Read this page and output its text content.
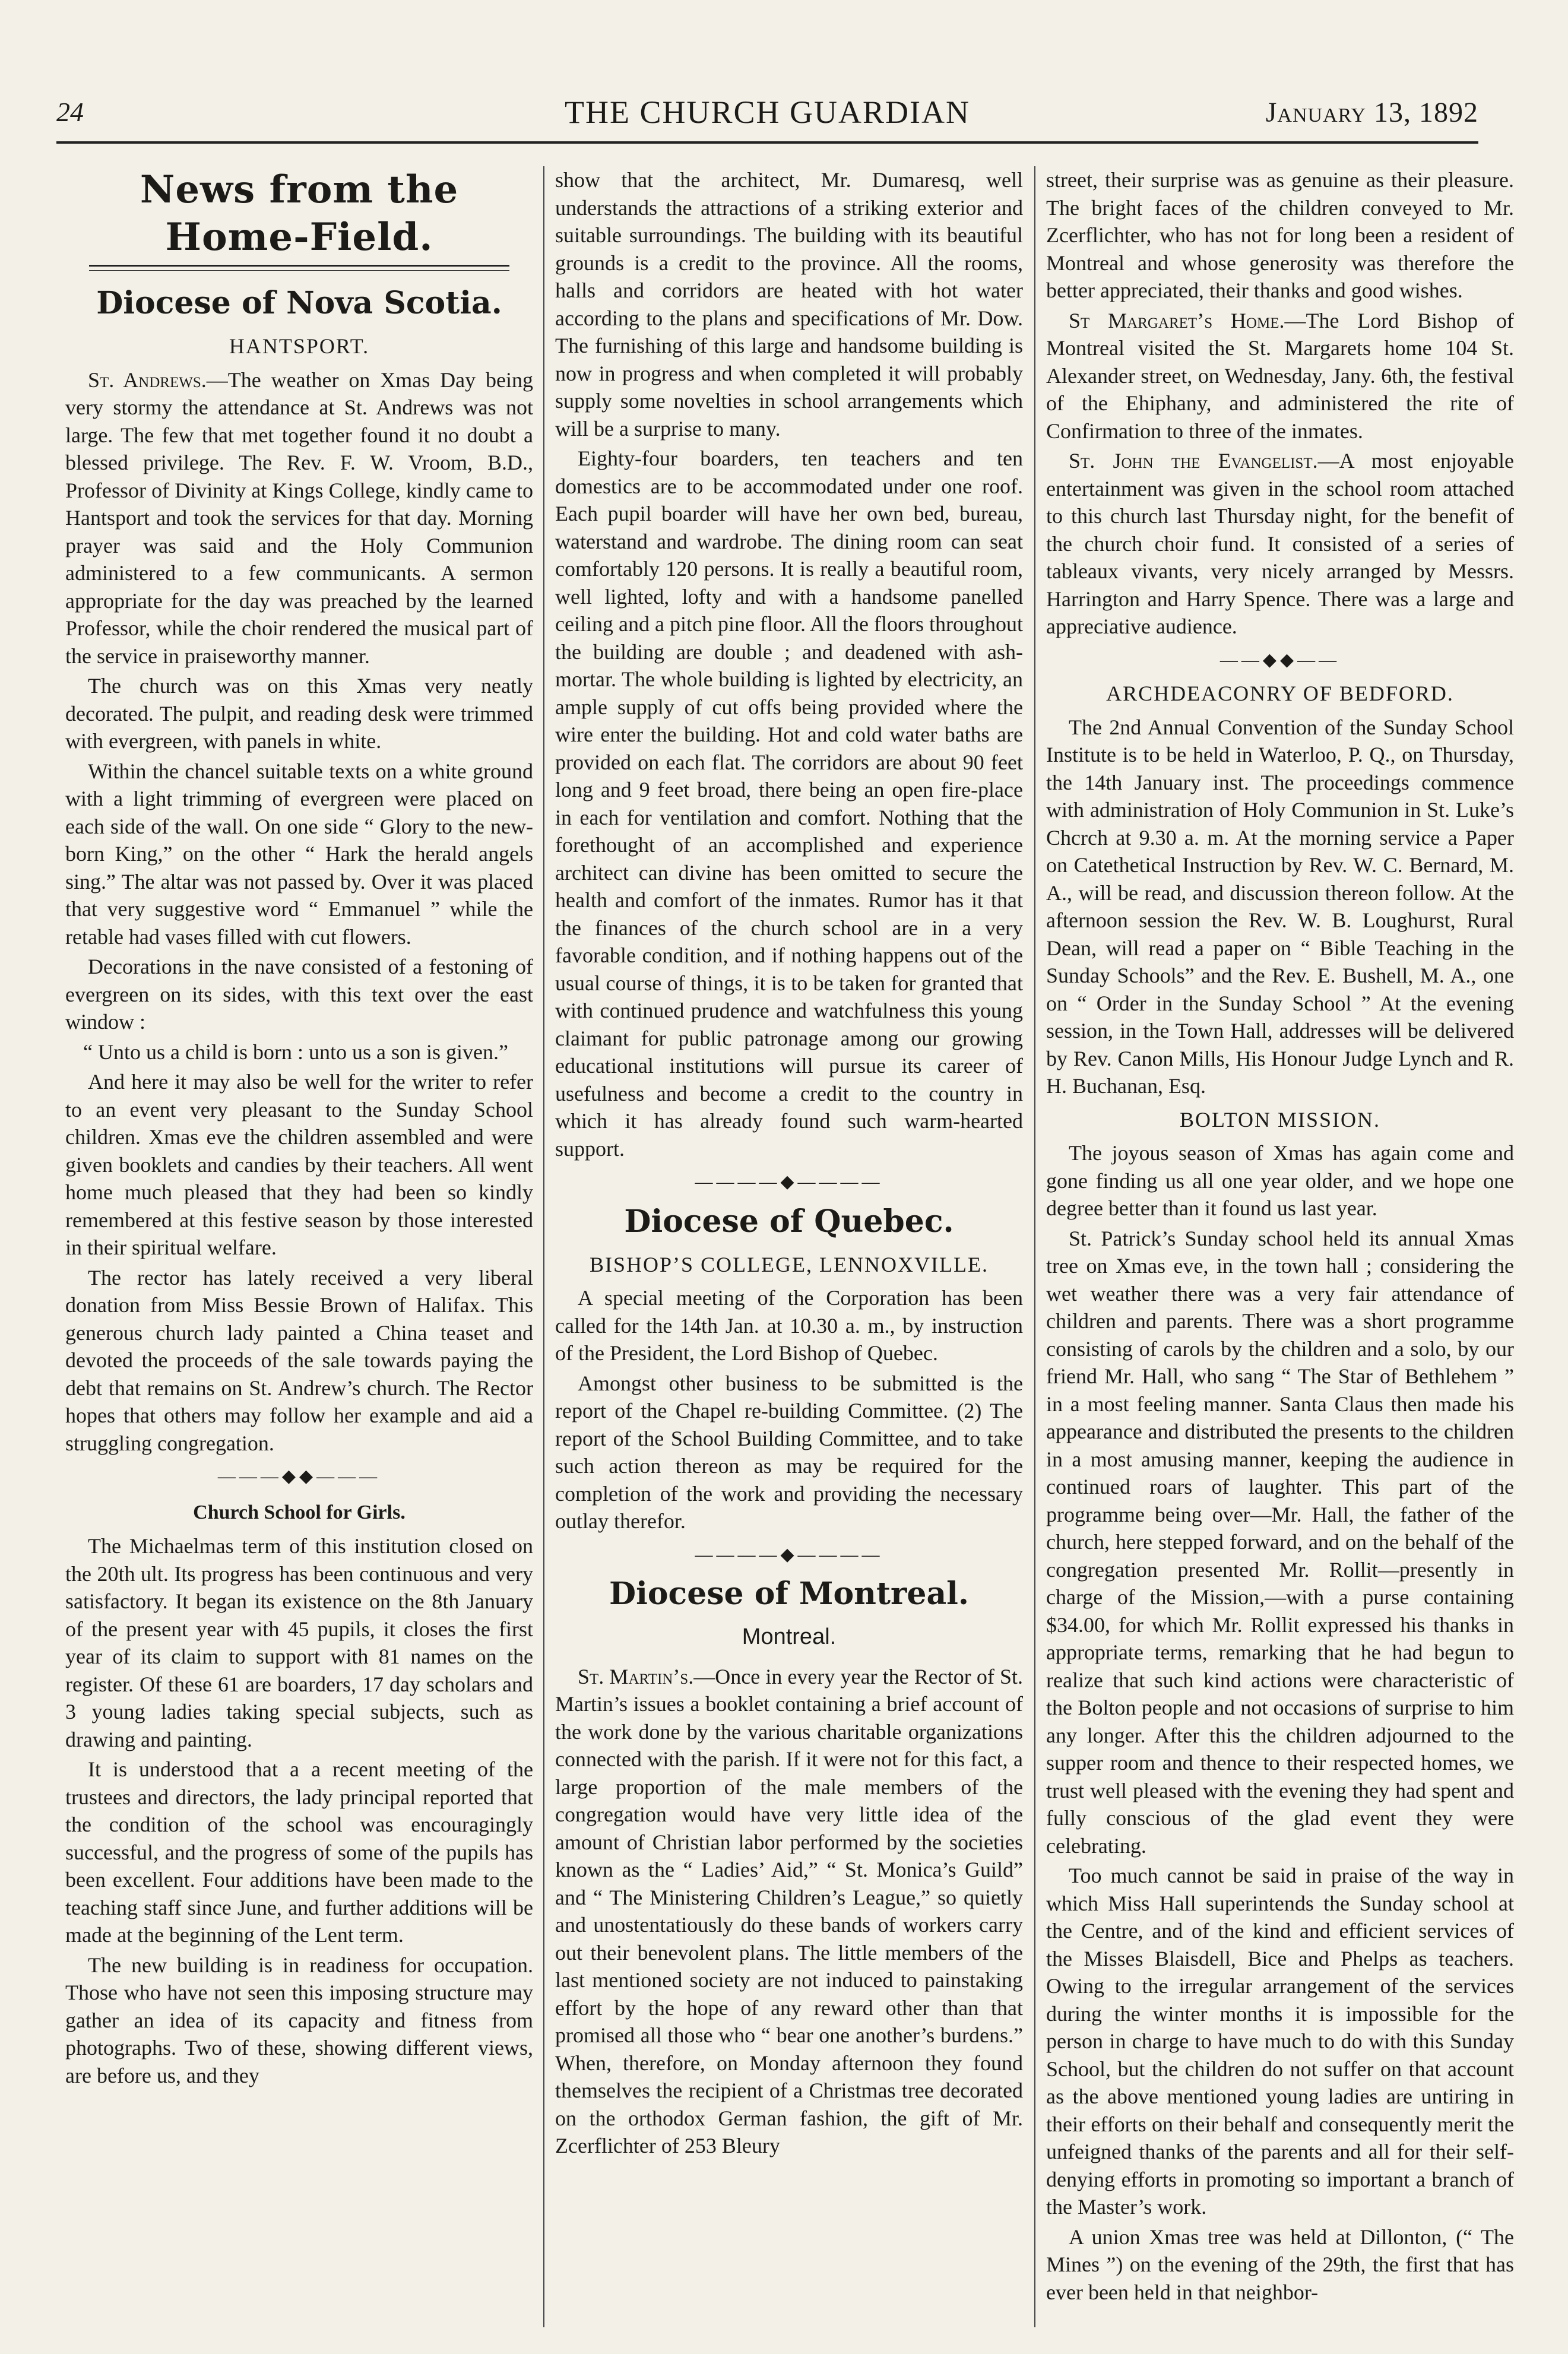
24	THE CHURCH GUARDIAN	January 13, 1892
News from the Home-Field.
Diocese of Nova Scotia.
HANTSPORT.

St. Andrews.—The weather on Xmas Day being very stormy the attendance at St. Andrews was not large. The few that met together found it no doubt a blessed privilege. The Rev. F. W. Vroom, B.D., Professor of Divinity at Kings College, kindly came to Hantsport and took the services for that day. Morning prayer was said and the Holy Communion administered to a few communicants. A sermon appropriate for the day was preached by the learned Professor, while the choir rendered the musical part of the service in praiseworthy manner.

The church was on this Xmas very neatly decorated. The pulpit, and reading desk were trimmed with evergreen, with panels in white.

Within the chancel suitable texts on a white ground with a light trimming of evergreen were placed on each side of the wall. On one side “ Glory to the new-born King,” on the other “ Hark the herald angels sing.” The altar was not passed by. Over it was placed that very suggestive word “ Emmanuel ” while the retable had vases filled with cut flowers.

Decorations in the nave consisted of a festoning of evergreen on its sides, with this text over the east window :

“ Unto us a child is born : unto us a son is given.”

And here it may also be well for the writer to refer to an event very pleasant to the Sunday School children. Xmas eve the children assembled and were given booklets and candies by their teachers. All went home much pleased that they had been so kindly remembered at this festive season by those interested in their spiritual welfare.

The rector has lately received a very liberal donation from Miss Bessie Brown of Halifax. This generous church lady painted a China teaset and devoted the proceeds of the sale towards paying the debt that remains on St. Andrew’s church. The Rector hopes that others may follow her example and aid a struggling congregation.

———◆◆———
Church School for Girls.

The Michaelmas term of this institution closed on the 20th ult. Its progress has been continuous and very satisfactory. It began its existence on the 8th January of the present year with 45 pupils, it closes the first year of its claim to support with 81 names on the register. Of these 61 are boarders, 17 day scholars and 3 young ladies taking special subjects, such as drawing and painting.

It is understood that a a recent meeting of the trustees and directors, the lady principal reported that the condition of the school was encouragingly successful, and the progress of some of the pupils has been excellent. Four additions have been made to the teaching staff since June, and further additions will be made at the beginning of the Lent term.

The new building is in readiness for occupation. Those who have not seen this imposing structure may gather an idea of its capacity and fitness from photographs. Two of these, showing different views, are before us, and they

show that the architect, Mr. Dumaresq, well understands the attractions of a striking exterior and suitable surroundings. The building with its beautiful grounds is a credit to the province. All the rooms, halls and corridors are heated with hot water according to the plans and specifications of Mr. Dow. The furnishing of this large and handsome building is now in progress and when completed it will probably supply some novelties in school arrangements which will be a surprise to many.

Eighty-four boarders, ten teachers and ten domestics are to be accommodated under one roof. Each pupil boarder will have her own bed, bureau, waterstand and wardrobe. The dining room can seat comfortably 120 persons. It is really a beautiful room, well lighted, lofty and with a handsome panelled ceiling and a pitch pine floor. All the floors throughout the building are double ; and deadened with ash-mortar. The whole building is lighted by electricity, an ample supply of cut offs being provided where the wire enter the building. Hot and cold water baths are provided on each flat. The corridors are about 90 feet long and 9 feet broad, there being an open fire-place in each for ventilation and comfort. Nothing that the forethought of an accomplished and experience architect can divine has been omitted to secure the health and comfort of the inmates. Rumor has it that the finances of the church school are in a very favorable condition, and if nothing happens out of the usual course of things, it is to be taken for granted that with continued prudence and watchfulness this young claimant for public patronage among our growing educational institutions will pursue its career of usefulness and become a credit to the country in which it has already found such warm-hearted support.

————◆————
Diocese of Quebec.
BISHOP’S COLLEGE, LENNOXVILLE.

A special meeting of the Corporation has been called for the 14th Jan. at 10.30 a. m., by instruction of the President, the Lord Bishop of Quebec.

Amongst other business to be submitted is the report of the Chapel re-building Committee. (2) The report of the School Building Committee, and to take such action thereon as may be required for the completion of the work and providing the necessary outlay therefor.

————◆————
Diocese of Montreal.
Montreal.

St. Martin’s.—Once in every year the Rector of St. Martin’s issues a booklet containing a brief account of the work done by the various charitable organizations connected with the parish. If it were not for this fact, a large proportion of the male members of the congregation would have very little idea of the amount of Christian labor performed by the societies known as the “ Ladies’ Aid,” “ St. Monica’s Guild” and “ The Ministering Children’s League,” so quietly and unostentatiously do these bands of workers carry out their benevolent plans. The little members of the last mentioned society are not induced to painstaking effort by the hope of any reward other than that promised all those who “ bear one another’s burdens.” When, therefore, on Monday afternoon they found themselves the recipient of a Christmas tree decorated on the orthodox German fashion, the gift of Mr. Zcerflichter of 253 Bleury

street, their surprise was as genuine as their pleasure. The bright faces of the children conveyed to Mr. Zcerflichter, who has not for long been a resident of Montreal and whose generosity was therefore the better appreciated, their thanks and good wishes.

St Margaret’s Home.—The Lord Bishop of Montreal visited the St. Margarets home 104 St. Alexander street, on Wednesday, Jany. 6th, the festival of the Ehiphany, and administered the rite of Confirmation to three of the inmates.

St. John the Evangelist.—A most enjoyable entertainment was given in the school room attached to this church last Thursday night, for the benefit of the church choir fund. It consisted of a series of tableaux vivants, very nicely arranged by Messrs. Harrington and Harry Spence. There was a large and appreciative audience.

——◆◆——
ARCHDEACONRY OF BEDFORD.

The 2nd Annual Convention of the Sunday School Institute is to be held in Waterloo, P. Q., on Thursday, the 14th January inst. The proceedings commence with administration of Holy Communion in St. Luke’s Chcrch at 9.30 a. m. At the morning service a Paper on Catethetical Instruction by Rev. W. C. Bernard, M. A., will be read, and discussion thereon follow. At the afternoon session the Rev. W. B. Loughurst, Rural Dean, will read a paper on “ Bible Teaching in the Sunday Schools” and the Rev. E. Bushell, M. A., one on “ Order in the Sunday School ” At the evening session, in the Town Hall, addresses will be delivered by Rev. Canon Mills, His Honour Judge Lynch and R. H. Buchanan, Esq.

BOLTON MISSION.

The joyous season of Xmas has again come and gone finding us all one year older, and we hope one degree better than it found us last year.

St. Patrick’s Sunday school held its annual Xmas tree on Xmas eve, in the town hall ; considering the wet weather there was a very fair attendance of children and parents. There was a short programme consisting of carols by the children and a solo, by our friend Mr. Hall, who sang “ The Star of Bethlehem ” in a most feeling manner. Santa Claus then made his appearance and distributed the presents to the children in a most amusing manner, keeping the audience in continued roars of laughter. This part of the programme being over—Mr. Hall, the father of the church, here stepped forward, and on the behalf of the congregation presented Mr. Rollit—presently in charge of the Mission,—with a purse containing $34.00, for which Mr. Rollit expressed his thanks in appropriate terms, remarking that he had begun to realize that such kind actions were characteristic of the Bolton people and not occasions of surprise to him any longer. After this the children adjourned to the supper room and thence to their respected homes, we trust well pleased with the evening they had spent and fully conscious of the glad event they were celebrating.

Too much cannot be said in praise of the way in which Miss Hall superintends the Sunday school at the Centre, and of the kind and efficient services of the Misses Blaisdell, Bice and Phelps as teachers. Owing to the irregular arrangement of the services during the winter months it is impossible for the person in charge to have much to do with this Sunday School, but the children do not suffer on that account as the above mentioned young ladies are untiring in their efforts on their behalf and consequently merit the unfeigned thanks of the parents and all for their self-denying efforts in promoting so important a branch of the Master’s work.

A union Xmas tree was held at Dillonton, (“ The Mines ”) on the evening of the 29th, the first that has ever been held in that neighbor-
